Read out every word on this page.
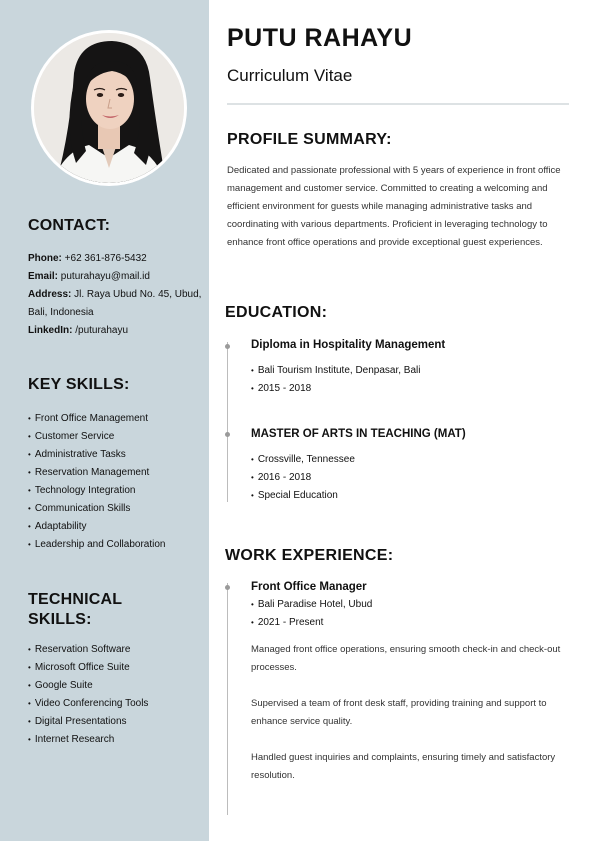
CONTACT:
Phone: +62 361-876-5432
Email: puturahayu@mail.id
Address: Jl. Raya Ubud No. 45, Ubud,
Bali, Indonesia
LinkedIn: /puturahayu
KEY SKILLS:
• Front Office Management
• Customer Service
• Administrative Tasks
• Reservation Management
• Technology Integration
• Communication Skills
• Adaptability
• Leadership and Collaboration
TECHNICAL
SKILLS:
• Reservation Software
• Microsoft Office Suite
• Google Suite
• Video Conferencing Tools
• Digital Presentations
• Internet Research
PUTU RAHAYU
Curriculum Vitae
PROFILE SUMMARY:

Dedicated and passionate professional with 5 years of experience in front office management and customer service. Committed to creating a welcoming and efficient environment for guests while managing administrative tasks and coordinating with various departments. Proficient in leveraging technology to enhance front office operations and provide exceptional guest experiences.

EDUCATION:
Diploma in Hospitality Management
• Bali Tourism Institute, Denpasar, Bali
• 2015 - 2018
MASTER OF ARTS IN TEACHING (MAT)
• Crossville, Tennessee
• 2016 - 2018
• Special Education
WORK EXPERIENCE:
Front Office Manager
• Bali Paradise Hotel, Ubud
• 2021 - Present

Managed front office operations, ensuring smooth check-in and check-out processes.

Supervised a team of front desk staff, providing training and support to enhance service quality.

Handled guest inquiries and complaints, ensuring timely and satisfactory resolution.
